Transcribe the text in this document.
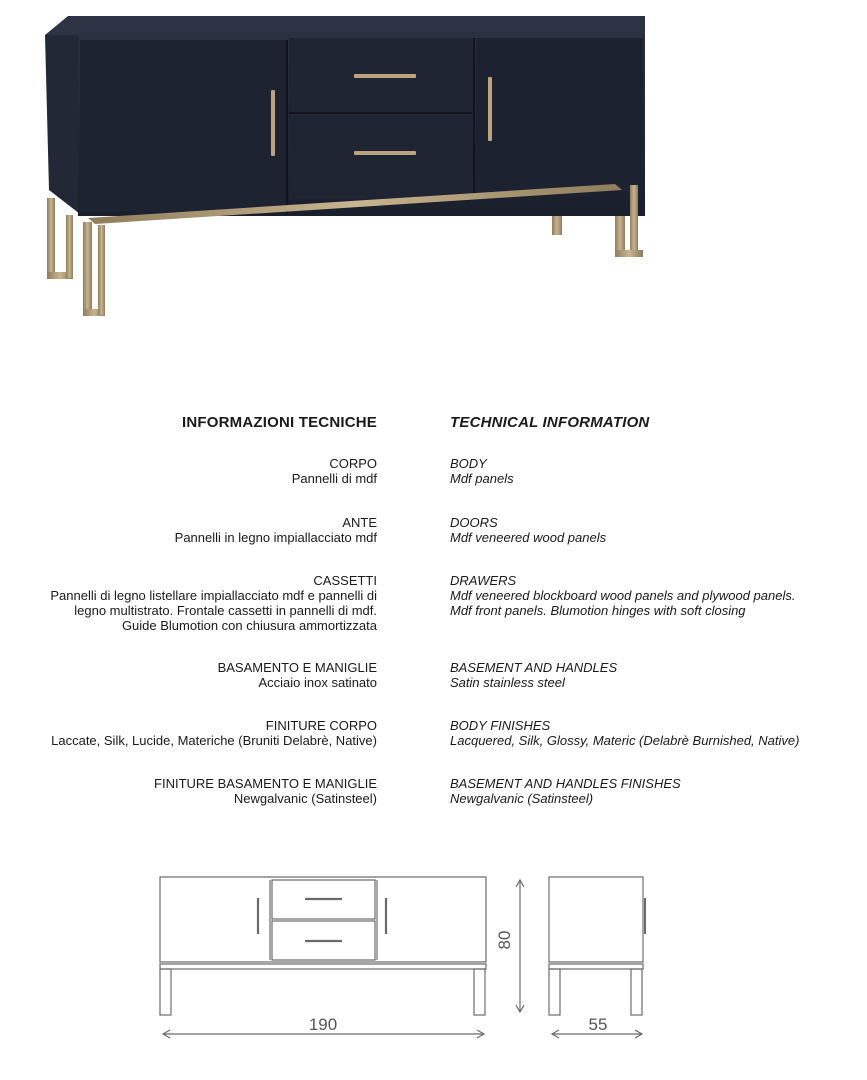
INFORMAZIONI TECNICHE	TECHNICAL INFORMATION
CORPO
Pannelli di mdf
BODY
Mdf panels
ANTE
Pannelli in legno impiallacciato mdf
DOORS
Mdf veneered wood panels
CASSETTI
Pannelli di legno listellare impiallacciato mdf e pannelli di
legno multistrato. Frontale cassetti in pannelli di mdf.
Guide Blumotion con chiusura ammortizzata
DRAWERS
Mdf veneered blockboard wood panels and plywood panels.
Mdf front panels. Blumotion hinges with soft closing
BASAMENTO E MANIGLIE
Acciaio inox satinato
BASEMENT AND HANDLES
Satin stainless steel
FINITURE CORPO
Laccate, Silk, Lucide, Materiche (Bruniti Delabrè, Native)
BODY FINISHES
Lacquered, Silk, Glossy, Materic (Delabrè Burnished, Native)
FINITURE BASAMENTO E MANIGLIE
Newgalvanic (Satinsteel)
BASEMENT AND HANDLES FINISHES
Newgalvanic (Satinsteel)
190	55
80
